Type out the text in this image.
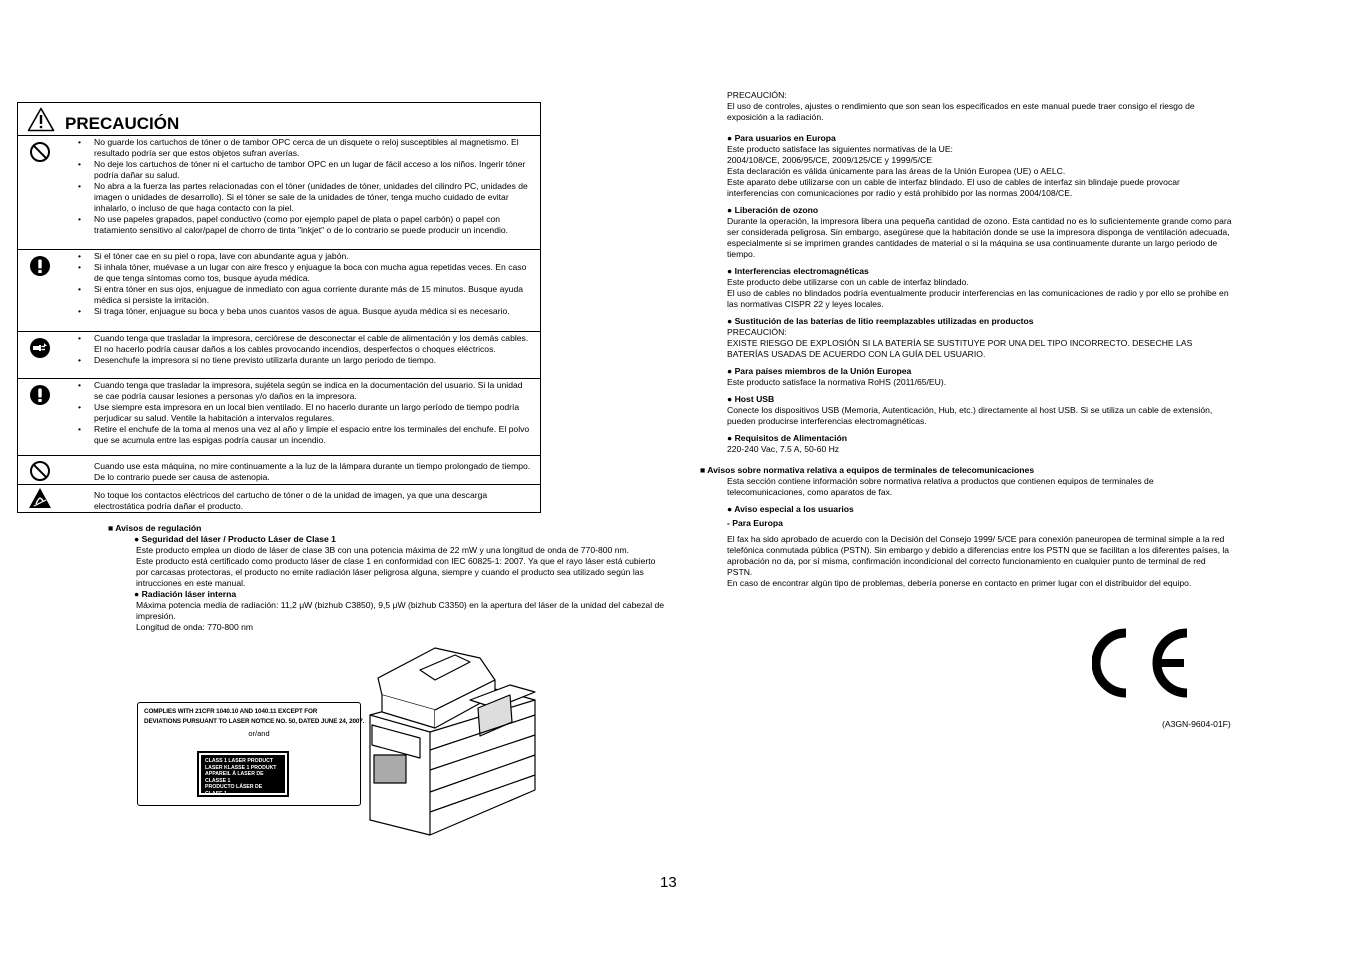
PRECAUCIÓN
• No guarde los cartuchos de tóner o de tambor OPC cerca de un disquete o reloj susceptibles al magnetismo. El resultado podría ser que estos objetos sufran averías.
• No deje los cartuchos de tóner ni el cartucho de tambor OPC en un lugar de fácil acceso a los niños. Ingerir tóner podría dañar su salud.
• No abra a la fuerza las partes relacionadas con el tóner (unidades de tóner, unidades del cilindro PC, unidades de imagen o unidades de desarrollo). Si el tóner se sale de la unidades de tóner, tenga mucho cuidado de evitar inhalarlo, o incluso de que haga contacto con la piel.
• No use papeles grapados, papel conductivo (como por ejemplo papel de plata o papel carbón) o papel con tratamiento sensitivo al calor/papel de chorro de tinta "inkjet" o de lo contrario se puede producir un incendio.
• Si el tóner cae en su piel o ropa, lave con abundante agua y jabón.
• Si inhala tóner, muévase a un lugar con aire fresco y enjuague la boca con mucha agua repetidas veces. En caso de que tenga síntomas como tos, busque ayuda médica.
• Si entra tóner en sus ojos, enjuague de inmediato con agua corriente durante más de 15 minutos. Busque ayuda médica si persiste la irritación.
• Si traga tóner, enjuague su boca y beba unos cuantos vasos de agua. Busque ayuda médica si es necesario.
• Cuando tenga que trasladar la impresora, cerciórese de desconectar el cable de alimentación y los demás cables. El no hacerlo podría causar daños a los cables provocando incendios, desperfectos o choques eléctricos.
• Desenchufe la impresora si no tiene previsto utilizarla durante un largo periodo de tiempo.
• Cuando tenga que trasladar la impresora, sujétela según se indica en la documentación del usuario. Si la unidad se cae podría causar lesiones a personas y/o daños en la impresora.
• Use siempre esta impresora en un local bien ventilado. El no hacerlo durante un largo período de tiempo podría perjudicar su salud. Ventile la habitación a intervalos regulares.
• Retire el enchufe de la toma al menos una vez al año y limpie el espacio entre los terminales del enchufe. El polvo que se acumula entre las espigas podría causar un incendio.

Cuando use esta máquina, no mire continuamente a la luz de la lámpara durante un tiempo prolongado de tiempo. De lo contrario puede ser causa de astenopia.

No toque los contactos eléctricos del cartucho de tóner o de la unidad de imagen, ya que una descarga electrostática podría dañar el producto.

■ Avisos de regulación
● Seguridad del láser / Producto Láser de Clase 1
Este producto emplea un diodo de láser de clase 3B con una potencia máxima de 22 mW y una longitud de onda de 770-800 nm.
Este producto está certificado como producto láser de clase 1 en conformidad con IEC 60825-1: 2007. Ya que el rayo láser está cubierto por carcasas protectoras, el producto no emite radiación láser peligrosa alguna, siempre y cuando el producto sea utilizado según las intrucciones en este manual.
● Radiación láser interna
Máxima potencia media de radiación: 11,2 μW (bizhub C3850), 9,5 μW (bizhub C3350) en la apertura del láser de la unidad del cabezal de impresión.
Longitud de onda: 770-800 nm
COMPLIES WITH 21CFR 1040.10 AND 1040.11 EXCEPT FOR
DEVIATIONS PURSUANT TO LASER NOTICE NO. 50, DATED JUNE 24, 2007.
or/and
CLASS 1 LASER PRODUCT
LASER KLASSE 1 PRODUKT
APPAREIL À LASER DE CLASSE 1
PRODUCTO LÁSER DE CLASE 1
1 등급 레이저 제품
PRECAUCIÓN:
El uso de controles, ajustes o rendimiento que son sean los especificados en este manual puede traer consigo el riesgo de exposición a la radiación.
● Para usuarios en Europa
Este producto satisface las siguientes normativas de la UE:
2004/108/CE, 2006/95/CE, 2009/125/CE y 1999/5/CE
Esta declaración es válida únicamente para las áreas de la Unión Europea (UE) o AELC.
Este aparato debe utilizarse con un cable de interfaz blindado. El uso de cables de interfaz sin blindaje puede provocar interferencias con comunicaciones por radio y está prohibido por las normas 2004/108/CE.
● Liberación de ozono
Durante la operación, la impresora libera una pequeña cantidad de ozono. Esta cantidad no es lo suficientemente grande como para ser considerada peligrosa. Sin embargo, asegúrese que la habitación donde se use la impresora disponga de ventilación adecuada, especialmente si se imprimen grandes cantidades de material o si la máquina se usa continuamente durante un largo periodo de tiempo.
● Interferencias electromagnéticas
Este producto debe utilizarse con un cable de interfaz blindado.
El uso de cables no blindados podría eventualmente producir interferencias en las comunicaciones de radio y por ello se prohibe en las normativas CISPR 22 y leyes locales.
● Sustitución de las baterías de litio reemplazables utilizadas en productos
PRECAUCIÓN:
EXISTE RIESGO DE EXPLOSIÓN SI LA BATERÍA SE SUSTITUYE POR UNA DEL TIPO INCORRECTO. DESECHE LAS BATERÍAS USADAS DE ACUERDO CON LA GUÍA DEL USUARIO.
● Para países miembros de la Unión Europea
Este producto satisface la normativa RoHS (2011/65/EU).
● Host USB
Conecte los dispositivos USB (Memoria, Autenticación, Hub, etc.) directamente al host USB. Si se utiliza un cable de extensión, pueden producirse interferencias electromagnéticas.
● Requisitos de Alimentación
220-240 Vac, 7.5 A, 50-60 Hz
■ Avisos sobre normativa relativa a equipos de terminales de telecomunicaciones
Esta sección contiene información sobre normativa relativa a productos que contienen equipos de terminales de telecomunicaciones, como aparatos de fax.
● Aviso especial a los usuarios
- Para Europa
El fax ha sido aprobado de acuerdo con la Decisión del Consejo 1999/ 5/CE para conexión paneuropea de terminal simple a la red telefónica conmutada pública (PSTN). Sin embargo y debido a diferencias entre los PSTN que se facilitan a los diferentes países, la aprobación no da, por sí misma, confirmación incondicional del correcto funcionamiento en cualquier punto de terminal de red PSTN.
En caso de encontrar algún tipo de problemas, debería ponerse en contacto en primer lugar con el distribuidor del equipo.
(A3GN-9604-01F)
13
